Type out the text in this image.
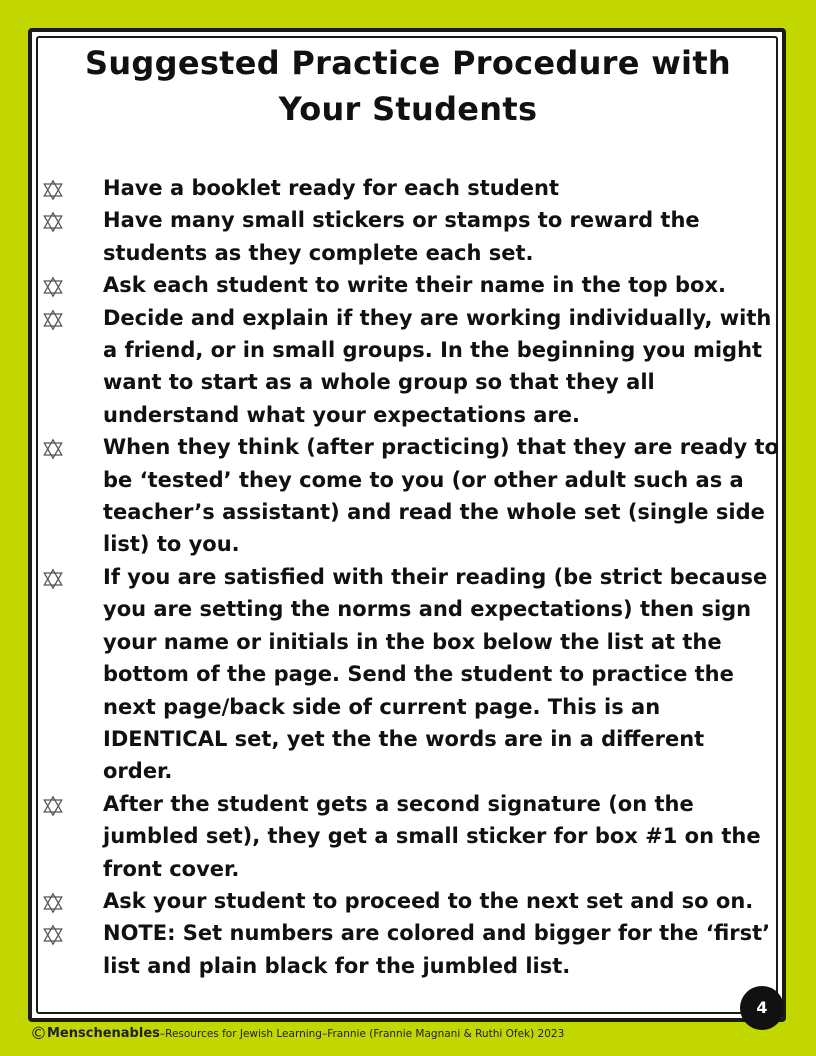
Suggested Practice Procedure with Your Students
Have a booklet ready for each student
Have many small stickers or stamps to reward the students as they complete each set.
Ask each student to write their name in the top box.
Decide and explain if they are working individually, with a friend, or in small groups. In the beginning you might want to start as a whole group so that they all understand what your expectations are.
When they think (after practicing) that they are ready to be ‘tested’ they come to you (or other adult such as a teacher’s assistant) and read the whole set (single side list) to you.
If you are satisfied with their reading (be strict because you are setting the norms and expectations) then sign your name or initials in the box below the list at the bottom of the page. Send the student to practice the next page/back side of current page. This is an IDENTICAL set, yet the the words are in a different order.
After the student gets a second signature (on the jumbled set), they get a small sticker for box #1 on the front cover.
Ask your student to proceed to the next set and so on.
NOTE: Set numbers are colored and bigger for the ‘first’ list and plain black for the jumbled list.
4
©Menschenables–Resources for Jewish Learning–Frannie (Frannie Magnani & Ruthi Ofek) 2023
